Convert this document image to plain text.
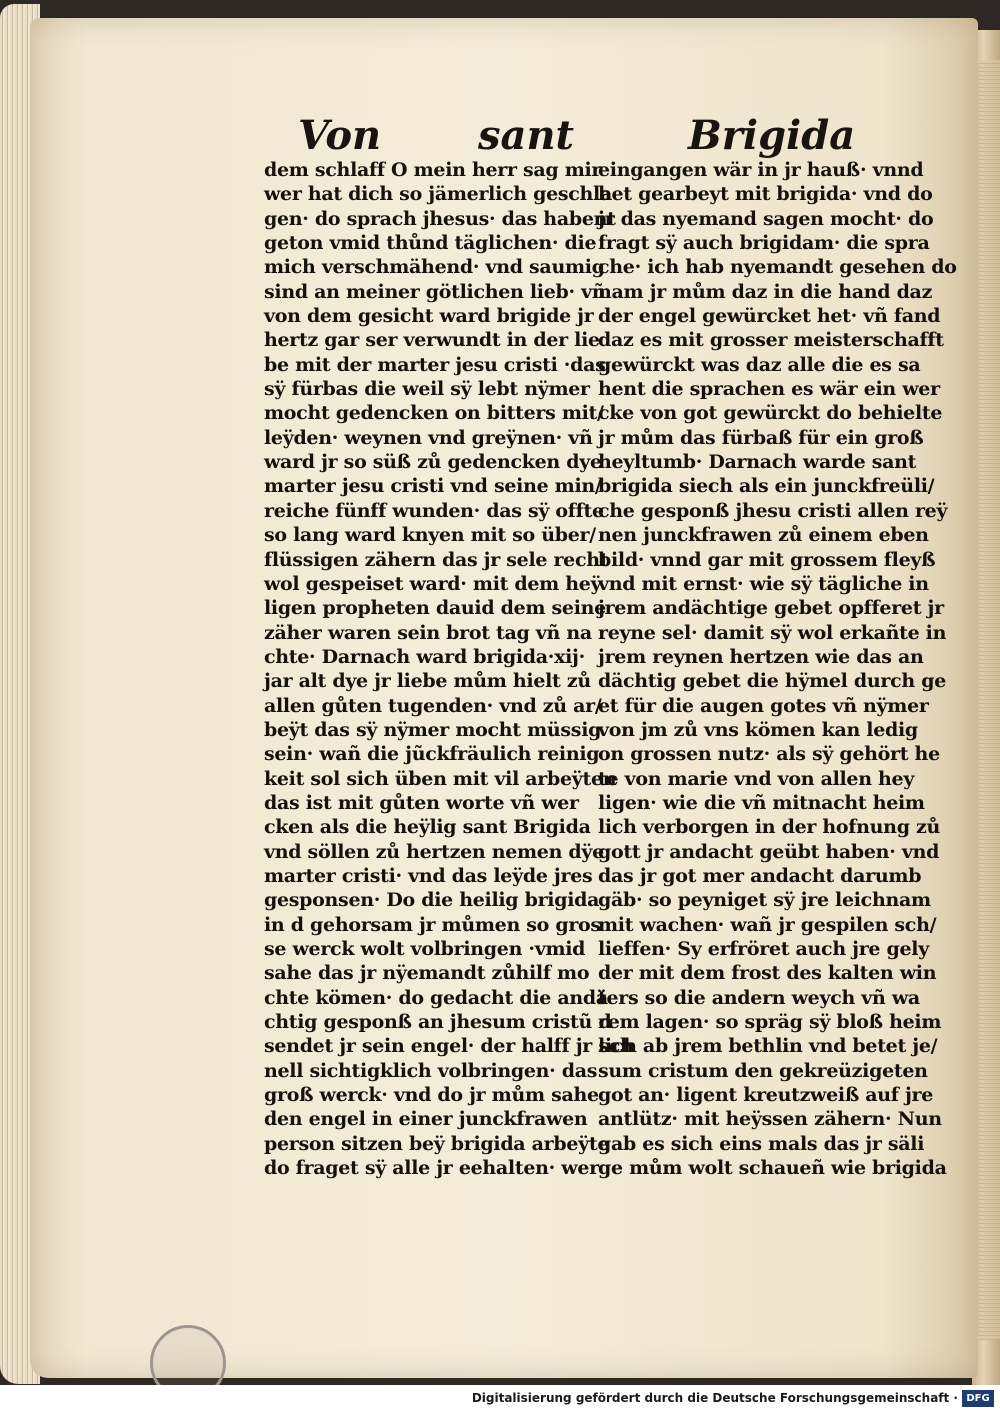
Von sant	Brigida
dem schlaff O mein herr sag mir
wer hat dich so jämerlich geschla
gen· do sprach jhesus· das habent
geton vmid thůnd täglichen· die
mich verschmähend· vnd saumig
sind an meiner götlichen lieb· vñ
von dem gesicht ward brigide jr
hertz gar ser verwundt in der lie
be mit der marter jesu cristi ·das
sÿ fürbas die weil sÿ lebt nÿmer
mocht gedencken on bitters mit/
leÿden· weynen vnd greÿnen· vñ
ward jr so süß zů gedencken dye
marter jesu cristi vnd seine min/
reiche fünff wunden· das sÿ offte
so lang ward knyen mit so über/
flüssigen zähern das jr sele recht
wol gespeiset ward· mit dem heÿ
ligen propheten dauid dem seine
zäher waren sein brot tag vñ na
chte· Darnach ward brigida·xij·
jar alt dye jr liebe mům hielt zů
allen gůten tugenden· vnd zů ar/
beÿt das sÿ nÿmer mocht müssig
sein· wañ die jũckfräulich reinig
keit sol sich üben mit vil arbeÿten
das ist mit gůten worte vñ wer
cken als die heÿlig sant Brigida
vnd söllen zů hertzen nemen dÿe
marter cristi· vnd das leÿde jres
gesponsen· Do die heilig brigida
in d gehorsam jr můmen so gros
se werck wolt volbringen ·vmid
sahe das jr nÿemandt zůhilf mo
chte kömen· do gedacht die andä
chtig gesponß an jhesum cristũ d
sendet jr sein engel· der halff jr sch
nell sichtigklich volbringen· das
groß werck· vnd do jr mům sahe
den engel in einer junckfrawen
person sitzen beÿ brigida arbeÿte
do fraget sÿ alle jr eehalten· wer
eingangen wär in jr hauß· vnnd
het gearbeyt mit brigida· vnd do
jr das nyemand sagen mocht· do
fragt sÿ auch brigidam· die spra
che· ich hab nyemandt gesehen do
nam jr mům daz in die hand daz
der engel gewürcket het· vñ fand
daz es mit grosser meisterschafft
gewürckt was daz alle die es sa
hent die sprachen es wär ein wer
cke von got gewürckt do behielte
jr mům das fürbaß für ein groß
heyltumb· Darnach warde sant
brigida siech als ein junckfreüli/
che gesponß jhesu cristi allen reÿ
nen junckfrawen zů einem eben
bild· vnnd gar mit grossem fleyß
vnd mit ernst· wie sÿ tägliche in
jrem andächtige gebet opfferet jr
reyne sel· damit sÿ wol erkañte in
jrem reynen hertzen wie das an
dächtig gebet die hÿmel durch ge
et für die augen gotes vñ nÿmer
von jm zů vns kömen kan ledig
on grossen nutz· als sÿ gehört he
te von marie vnd von allen hey
ligen· wie die vñ mitnacht heim
lich verborgen in der hofnung zů
gott jr andacht geübt haben· vnd
das jr got mer andacht darumb
gäb· so peyniget sÿ jre leichnam
mit wachen· wañ jr gespilen sch/
lieffen· Sy erfröret auch jre gely
der mit dem frost des kalten win
ters so die andern weych vñ wa
rem lagen· so spräg sÿ bloß heim
lich ab jrem bethlin vnd betet je/
sum cristum den gekreüzigeten
got an· ligent kreutzweiß auf jre
antlütz· mit heÿssen zähern· Nun
gab es sich eins mals das jr säli
ge mům wolt schaueñ wie brigida
Digitalisierung gefördert durch die Deutsche Forschungsgemeinschaft · DFG
